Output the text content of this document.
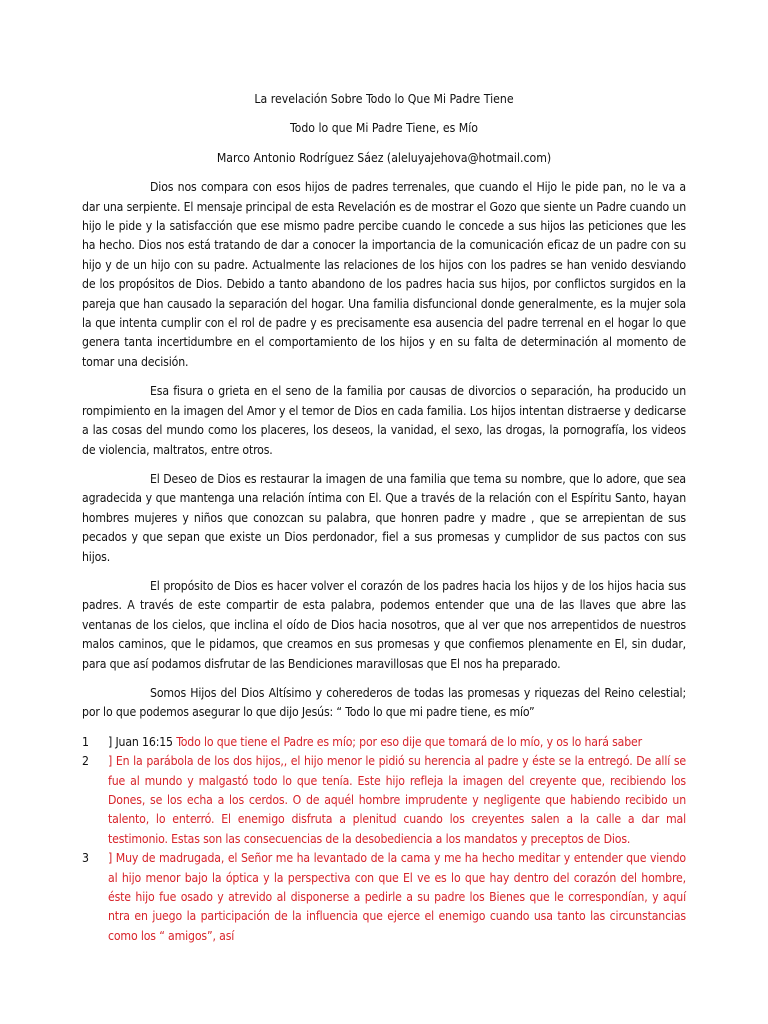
La revelación Sobre Todo lo Que Mi Padre Tiene
Todo lo que Mi Padre Tiene, es Mío
Marco Antonio Rodríguez Sáez (aleluyajehova@hotmail.com)

Dios nos compara con esos hijos de padres terrenales, que cuando el Hijo le pide pan, no le va a dar una serpiente. El mensaje principal de esta Revelación es de mostrar el Gozo que siente un Padre cuando un hijo le pide y la satisfacción que ese mismo padre percibe cuando le concede a sus hijos las peticiones que les ha hecho. Dios nos está tratando de dar a conocer la importancia de la comunicación eficaz de un padre con su hijo y de un hijo con su padre. Actualmente las relaciones de los hijos con los padres se han venido desviando de los propósitos de Dios. Debido a tanto abandono de los padres hacia sus hijos, por conflictos surgidos en la pareja que han causado la separación del hogar. Una familia disfuncional donde generalmente, es la mujer sola la que intenta cumplir con el rol de padre y es precisamente esa ausencia del padre terrenal en el hogar lo que genera tanta incertidumbre en el comportamiento de los hijos y en su falta de determinación al momento de tomar una decisión.

Esa fisura o grieta en el seno de la familia por causas de divorcios o separación, ha producido un rompimiento en la imagen del Amor y el temor de Dios en cada familia. Los hijos intentan distraerse y dedicarse a las cosas del mundo como los placeres, los deseos, la vanidad, el sexo, las drogas, la pornografía, los videos de violencia, maltratos, entre otros.

El Deseo de Dios es restaurar la imagen de una familia que tema su nombre, que lo adore, que sea agradecida y que mantenga una relación íntima con El. Que a través de la relación con el Espíritu Santo, hayan hombres mujeres y niños que conozcan su palabra, que honren padre y madre , que se arrepientan de sus pecados y que sepan que existe un Dios perdonador, fiel a sus promesas y cumplidor de sus pactos con sus hijos.

El propósito de Dios es hacer volver el corazón de los padres hacia los hijos y de los hijos hacia sus padres. A través de este compartir de esta palabra, podemos entender que una de las llaves que abre las ventanas de los cielos, que inclina el oído de Dios hacia nosotros, que al ver que nos arrepentidos de nuestros malos caminos, que le pidamos, que creamos en sus promesas y que confiemos plenamente en El, sin dudar, para que así podamos disfrutar de las Bendiciones maravillosas que El nos ha preparado.

Somos Hijos del Dios Altísimo y coherederos de todas las promesas y riquezas del Reino celestial; por lo que podemos asegurar lo que dijo Jesús: “ Todo lo que mi padre tiene, es mío”

1	] Juan 16:15 Todo lo que tiene el Padre es mío; por eso dije que tomará de lo mío, y os lo hará saber
2	] En la parábola de los dos hijos,, el hijo menor le pidió su herencia al padre y éste se la entregó. De allí se fue al mundo y malgastó todo lo que tenía. Este hijo refleja la imagen del creyente que, recibiendo los Dones, se los echa a los cerdos. O de aquél hombre imprudente y negligente que habiendo recibido un talento, lo enterró. El enemigo disfruta a plenitud cuando los creyentes salen a la calle a dar mal testimonio. Estas son las consecuencias de la desobediencia a los mandatos y preceptos de Dios.
3	] Muy de madrugada, el Señor me ha levantado de la cama y me ha hecho meditar y entender que viendo al hijo menor bajo la óptica y la perspectiva con que El ve es lo que hay dentro del corazón del hombre, éste hijo fue osado y atrevido al disponerse a pedirle a su padre los Bienes que le correspondían, y aquí ntra en juego la participación de la influencia que ejerce el enemigo cuando usa tanto las circunstancias como los “ amigos”, así
